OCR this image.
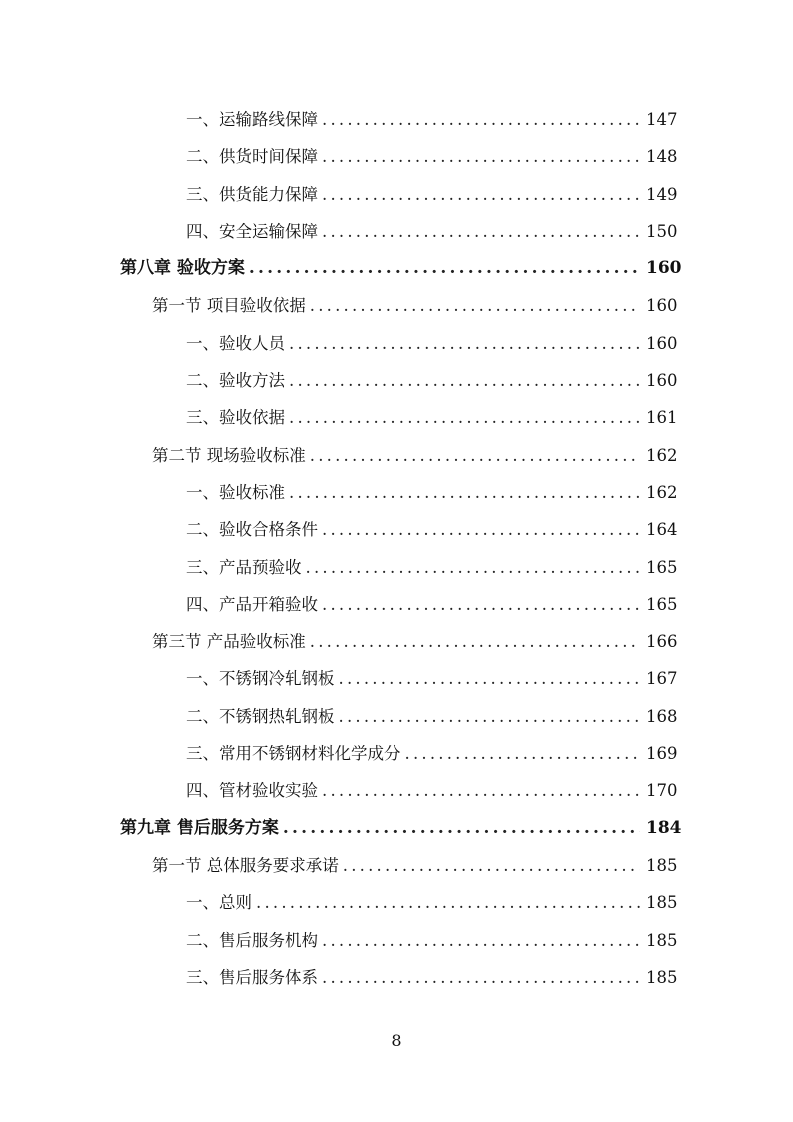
一、运输路线保障 .....	147
二、供货时间保障 .....	148
三、供货能力保障 .....	149
四、安全运输保障 .....	150
第八章 验收方案 .....	160
第一节 项目验收依据 .....	160
一、验收人员 .....	160
二、验收方法 .....	160
三、验收依据 .....	161
第二节 现场验收标准 .....	162
一、验收标准 .....	162
二、验收合格条件 .....	164
三、产品预验收 .....	165
四、产品开箱验收 .....	165
第三节 产品验收标准 .....	166
一、不锈钢冷轧钢板 .....	167
二、不锈钢热轧钢板 .....	168
三、常用不锈钢材料化学成分 .....	169
四、管材验收实验 .....	170
第九章 售后服务方案 .....	184
第一节 总体服务要求承诺 .....	185
一、总则 .....	185
二、售后服务机构 .....	185
三、售后服务体系 .....	185
8
